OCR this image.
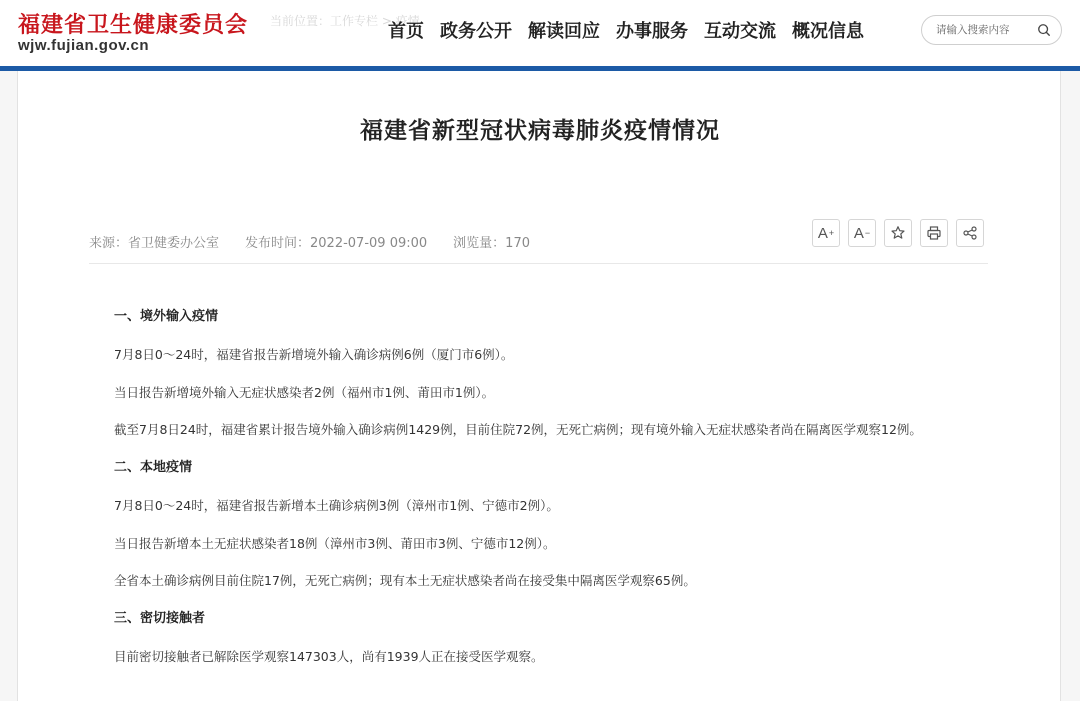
福建省卫生健康委员会
wjw.fujian.gov.cn
当前位置：工作专栏 > 疫情
首页 政务公开 解读回应 办事服务 互动交流 概况信息
请输入搜索内容
福建省新型冠状病毒肺炎疫情情况
来源：省卫健委办公室 发布时间：2022-07-09 09:00 浏览量：170
A + A −

一、境外输入疫情

7月8日0～24时，福建省报告新增境外输入确诊病例6例（厦门市6例）。

当日报告新增境外输入无症状感染者2例（福州市1例、莆田市1例）。

截至7月8日24时，福建省累计报告境外输入确诊病例1429例，目前住院72例，无死亡病例；现有境外输入无症状感染者尚在隔离医学观察12例。

二、本地疫情

7月8日0～24时，福建省报告新增本土确诊病例3例（漳州市1例、宁德市2例）。

当日报告新增本土无症状感染者18例（漳州市3例、莆田市3例、宁德市12例）。

全省本土确诊病例目前住院17例，无死亡病例；现有本土无症状感染者尚在接受集中隔离医学观察65例。

三、密切接触者

目前密切接触者已解除医学观察147303人，尚有1939人正在接受医学观察。
